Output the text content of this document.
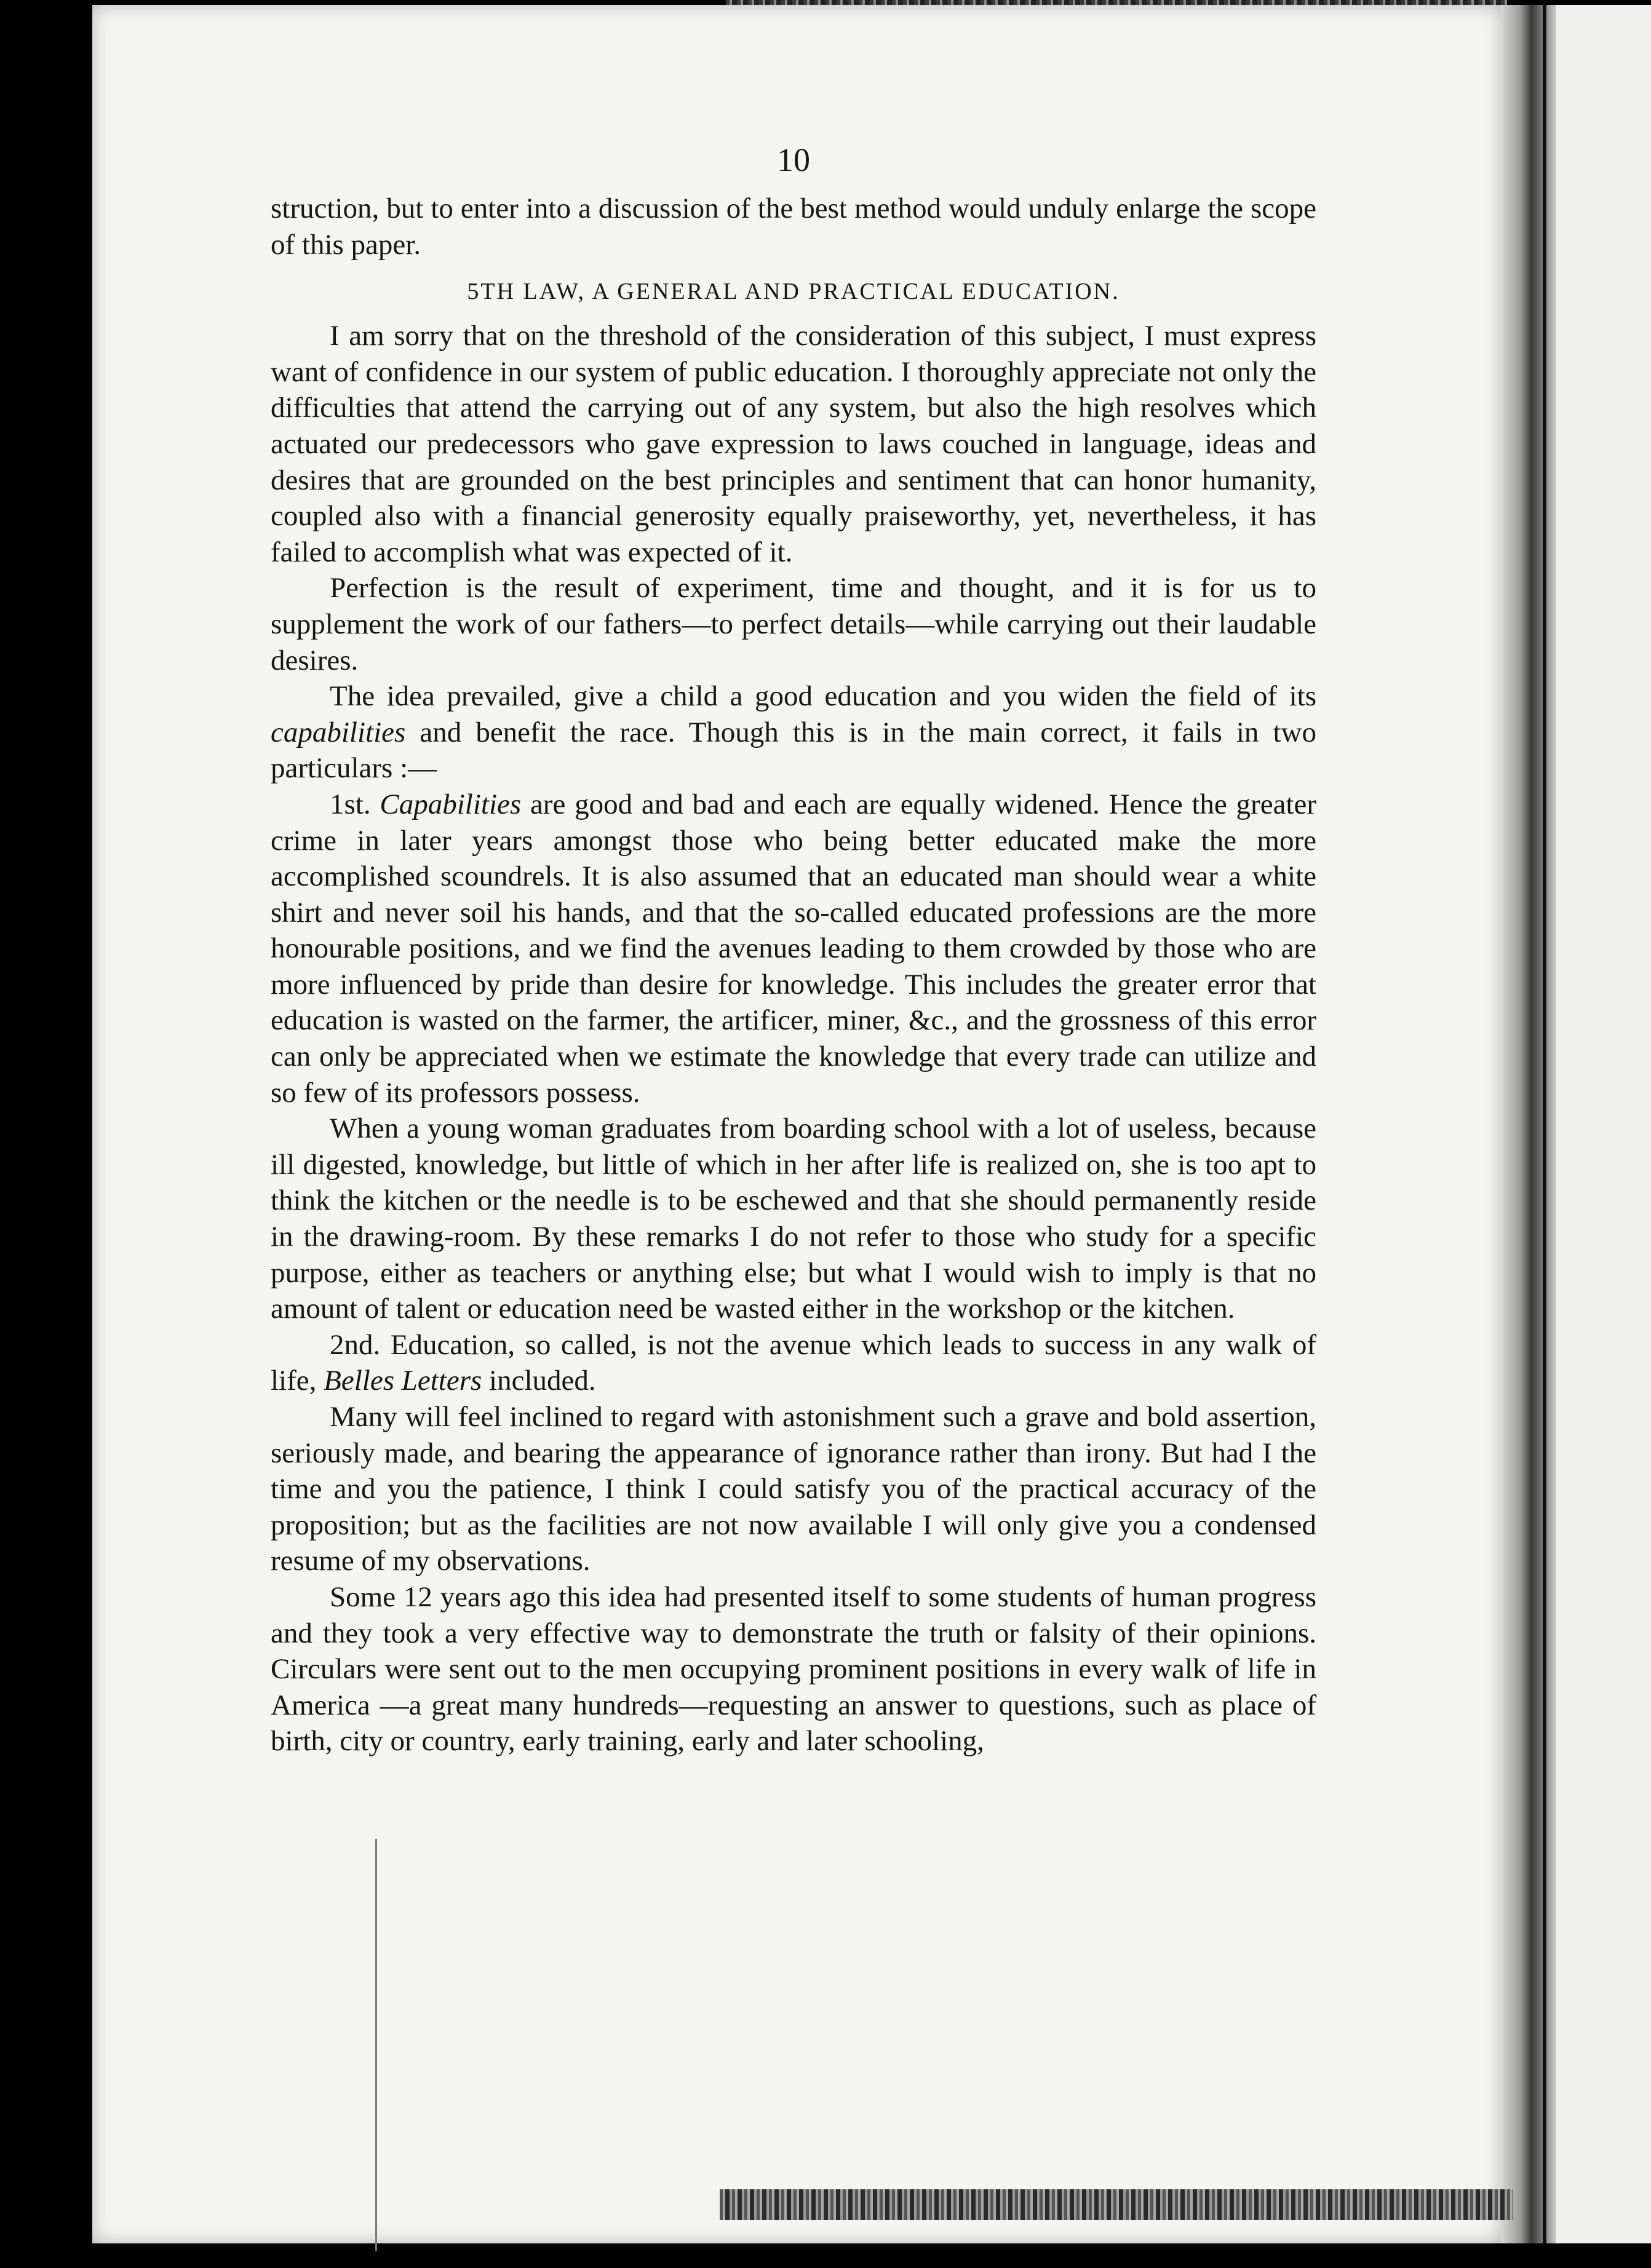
10

struction, but to enter into a discussion of the best method would unduly enlarge the scope of this paper.

5TH LAW, A GENERAL AND PRACTICAL EDUCATION.

I am sorry that on the threshold of the consideration of this subject, I must express want of confidence in our system of public education. I thoroughly appreciate not only the difficulties that attend the carrying out of any system, but also the high resolves which actuated our predecessors who gave expression to laws couched in language, ideas and desires that are grounded on the best principles and sentiment that can honor humanity, coupled also with a financial generosity equally praiseworthy, yet, nevertheless, it has failed to accomplish what was expected of it.

Perfection is the result of experiment, time and thought, and it is for us to supplement the work of our fathers—to perfect details—while carrying out their laudable desires.

The idea prevailed, give a child a good education and you widen the field of its capabilities and benefit the race. Though this is in the main correct, it fails in two particulars :—

1st. Capabilities are good and bad and each are equally widened. Hence the greater crime in later years amongst those who being better educated make the more accomplished scoundrels. It is also assumed that an educated man should wear a white shirt and never soil his hands, and that the so-called educated professions are the more honourable positions, and we find the avenues leading to them crowded by those who are more influenced by pride than desire for knowledge. This includes the greater error that education is wasted on the farmer, the artificer, miner, &c., and the grossness of this error can only be appreciated when we estimate the knowledge that every trade can utilize and so few of its professors possess.

When a young woman graduates from boarding school with a lot of useless, because ill digested, knowledge, but little of which in her after life is realized on, she is too apt to think the kitchen or the needle is to be eschewed and that she should permanently reside in the drawing-room. By these remarks I do not refer to those who study for a specific purpose, either as teachers or anything else; but what I would wish to imply is that no amount of talent or education need be wasted either in the workshop or the kitchen.

2nd. Education, so called, is not the avenue which leads to success in any walk of life, Belles Letters included.

Many will feel inclined to regard with astonishment such a grave and bold assertion, seriously made, and bearing the appearance of ignorance rather than irony. But had I the time and you the patience, I think I could satisfy you of the practical accuracy of the proposition; but as the facilities are not now available I will only give you a condensed resume of my observations.

Some 12 years ago this idea had presented itself to some students of human progress and they took a very effective way to demonstrate the truth or falsity of their opinions. Circulars were sent out to the men occupying prominent positions in every walk of life in America —a great many hundreds—requesting an answer to questions, such as place of birth, city or country, early training, early and later schooling,
